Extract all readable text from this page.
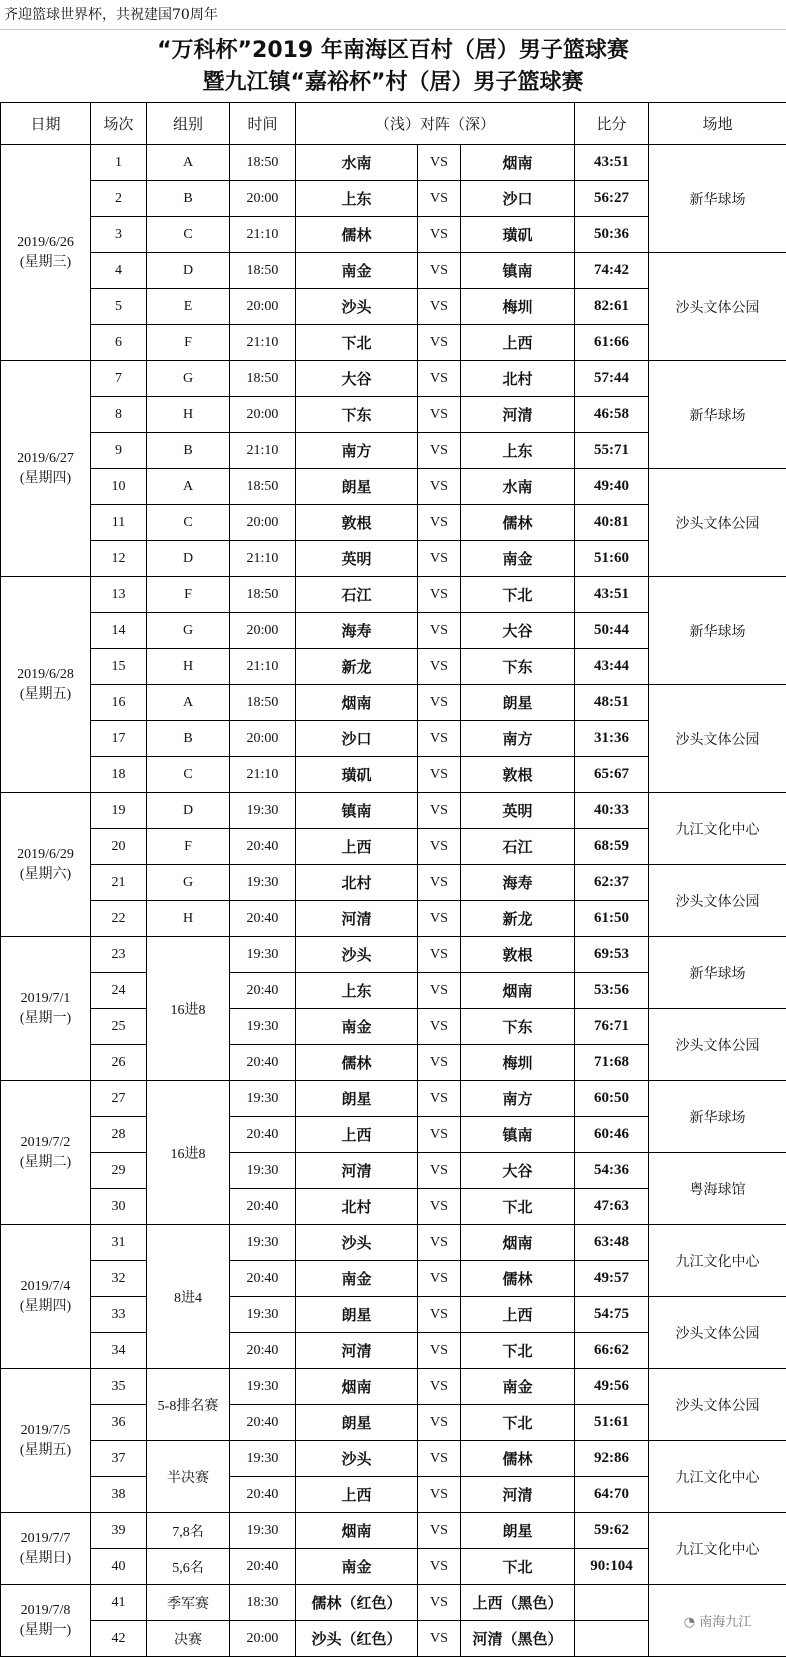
齐迎篮球世界杯，共祝建国70周年
“万科杯”2019 年南海区百村（居）男子篮球赛
暨九江镇“嘉裕杯”村（居）男子篮球赛
日期	场次	组别	时间	（浅）对阵（深）			比分	场地

2019/6/26
(星期三)	1	A	18:50	水南	VS	烟南	43:51	新华球场
	2	B	20:00	上东	VS	沙口	56:27	
	3	C	21:10	儒林	VS	璜矶	50:36	
	4	D	18:50	南金	VS	镇南	74:42	沙头文体公园
	5	E	20:00	沙头	VS	梅圳	82:61	
	6	F	21:10	下北	VS	上西	61:66	

2019/6/27
(星期四)	7	G	18:50	大谷	VS	北村	57:44	新华球场
	8	H	20:00	下东	VS	河清	46:58	
	9	B	21:10	南方	VS	上东	55:71	
	10	A	18:50	朗星	VS	水南	49:40	沙头文体公园
	11	C	20:00	敦根	VS	儒林	40:81	
	12	D	21:10	英明	VS	南金	51:60	

2019/6/28
(星期五)	13	F	18:50	石江	VS	下北	43:51	新华球场
	14	G	20:00	海寿	VS	大谷	50:44	
	15	H	21:10	新龙	VS	下东	43:44	
	16	A	18:50	烟南	VS	朗星	48:51	沙头文体公园
	17	B	20:00	沙口	VS	南方	31:36	
	18	C	21:10	璜矶	VS	敦根	65:67	

2019/6/29
(星期六)	19	D	19:30	镇南	VS	英明	40:33	九江文化中心
	20	F	20:40	上西	VS	石江	68:59	
	21	G	19:30	北村	VS	海寿	62:37	沙头文体公园
	22	H	20:40	河清	VS	新龙	61:50	

2019/7/1
(星期一)	23	16进8	19:30	沙头	VS	敦根	69:53	新华球场
	24		20:40	上东	VS	烟南	53:56	
	25		19:30	南金	VS	下东	76:71	沙头文体公园
	26		20:40	儒林	VS	梅圳	71:68	

2019/7/2
(星期二)	27	16进8	19:30	朗星	VS	南方	60:50	新华球场
	28		20:40	上西	VS	镇南	60:46	
	29		19:30	河清	VS	大谷	54:36	粤海球馆
	30		20:40	北村	VS	下北	47:63	

2019/7/4
(星期四)	31	8进4	19:30	沙头	VS	烟南	63:48	九江文化中心
	32		20:40	南金	VS	儒林	49:57	
	33		19:30	朗星	VS	上西	54:75	沙头文体公园
	34		20:40	河清	VS	下北	66:62	

2019/7/5
(星期五)	35	5-8排名赛	19:30	烟南	VS	南金	49:56	沙头文体公园
	36		20:40	朗星	VS	下北	51:61	
	37	半决赛	19:30	沙头	VS	儒林	92:86	九江文化中心
	38		20:40	上西	VS	河清	64:70	

2019/7/7
(星期日)	39	7,8名	19:30	烟南	VS	朗星	59:62	九江文化中心
	40	5,6名	20:40	南金	VS	下北	90:104	

2019/7/8
(星期一)	41	季军赛	18:30	儒林（红色）	VS	上西（黑色）		◔ 南海九江
	42	决赛	20:00	沙头（红色）	VS	河清（黑色）		
